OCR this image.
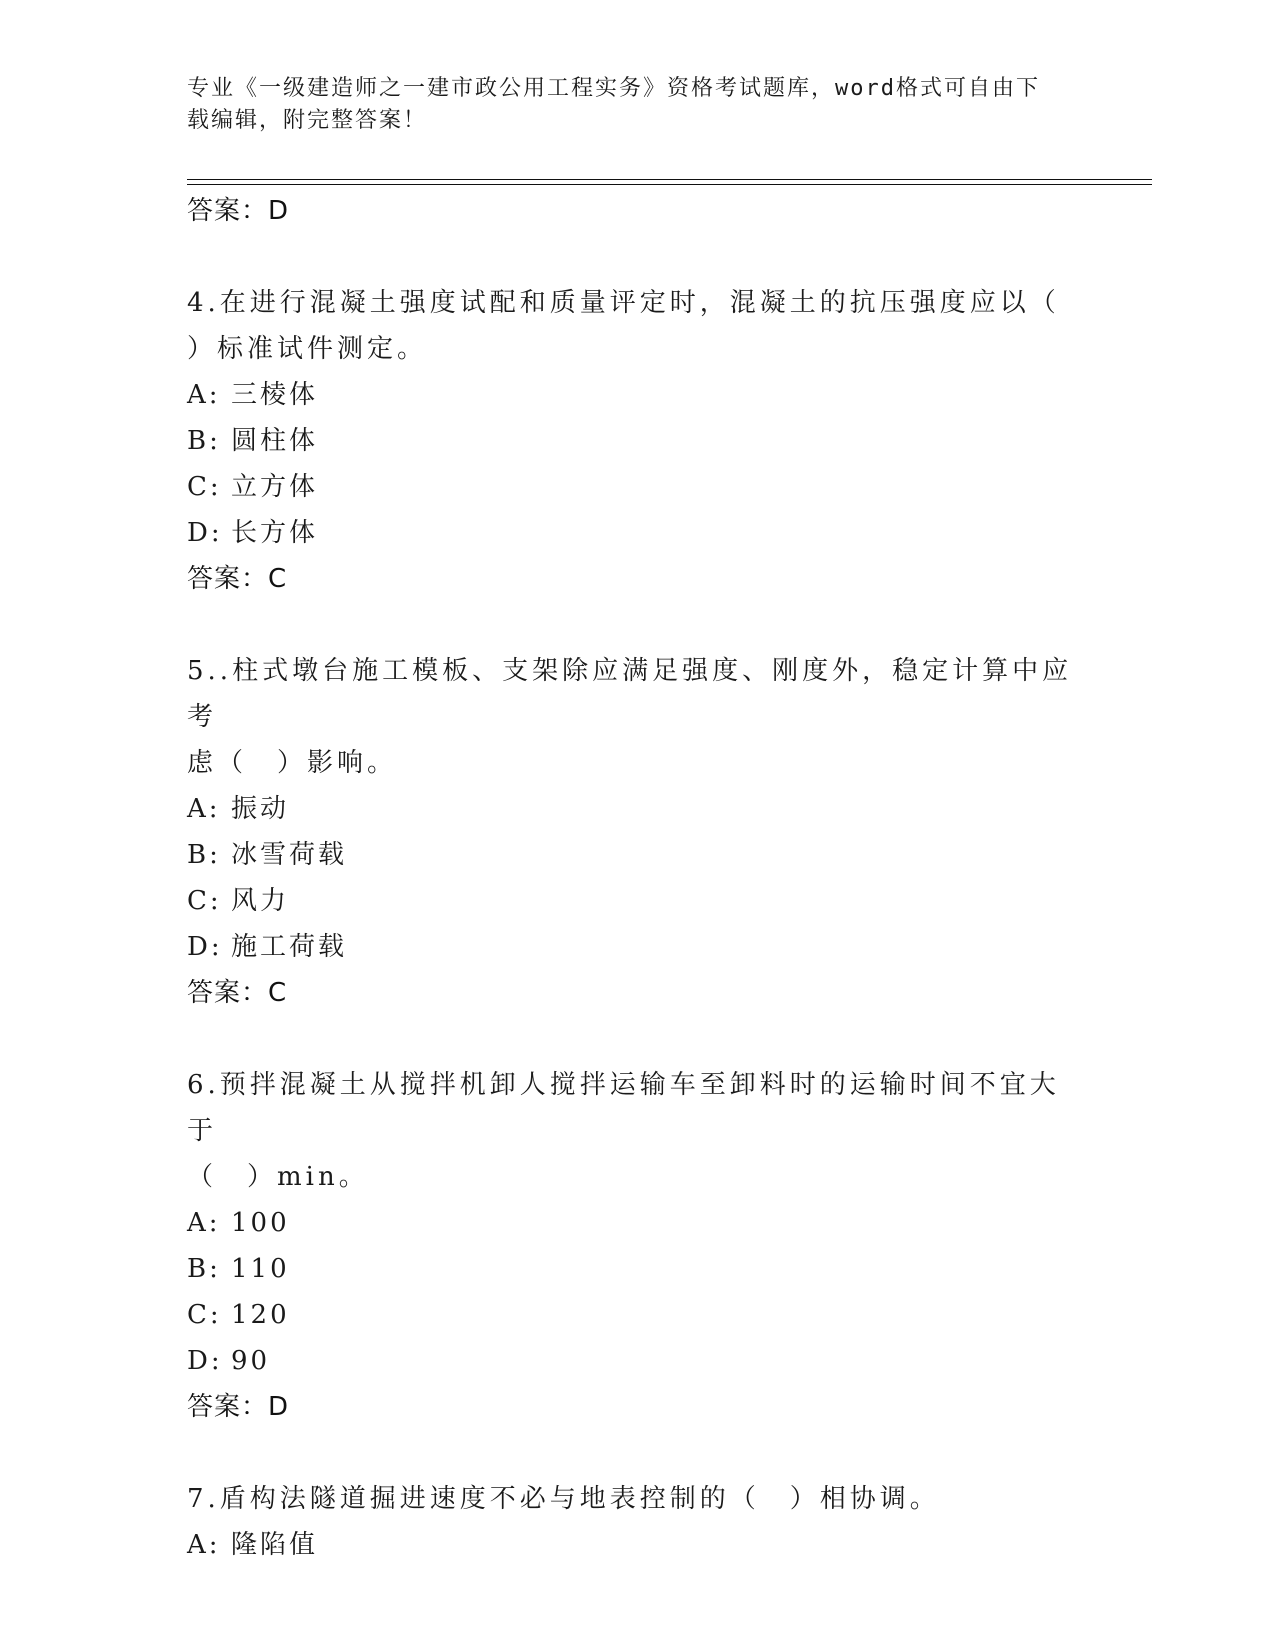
专业《一级建造师之一建市政公用工程实务》资格考试题库，word格式可自由下
载编辑，附完整答案！
答案：D
4.在进行混凝土强度试配和质量评定时，混凝土的抗压强度应以（
）标准试件测定。
A: 三棱体
B: 圆柱体
C: 立方体
D: 长方体
答案：C
5..柱式墩台施工模板、支架除应满足强度、刚度外，稳定计算中应考
虑（　）影响。
A: 振动
B: 冰雪荷载
C: 风力
D: 施工荷载
答案：C
6.预拌混凝土从搅拌机卸人搅拌运输车至卸料时的运输时间不宜大于
（　）min。
A: 100
B: 110
C: 120
D: 90
答案：D
7.盾构法隧道掘进速度不必与地表控制的（　）相协调。
A: 隆陷值
